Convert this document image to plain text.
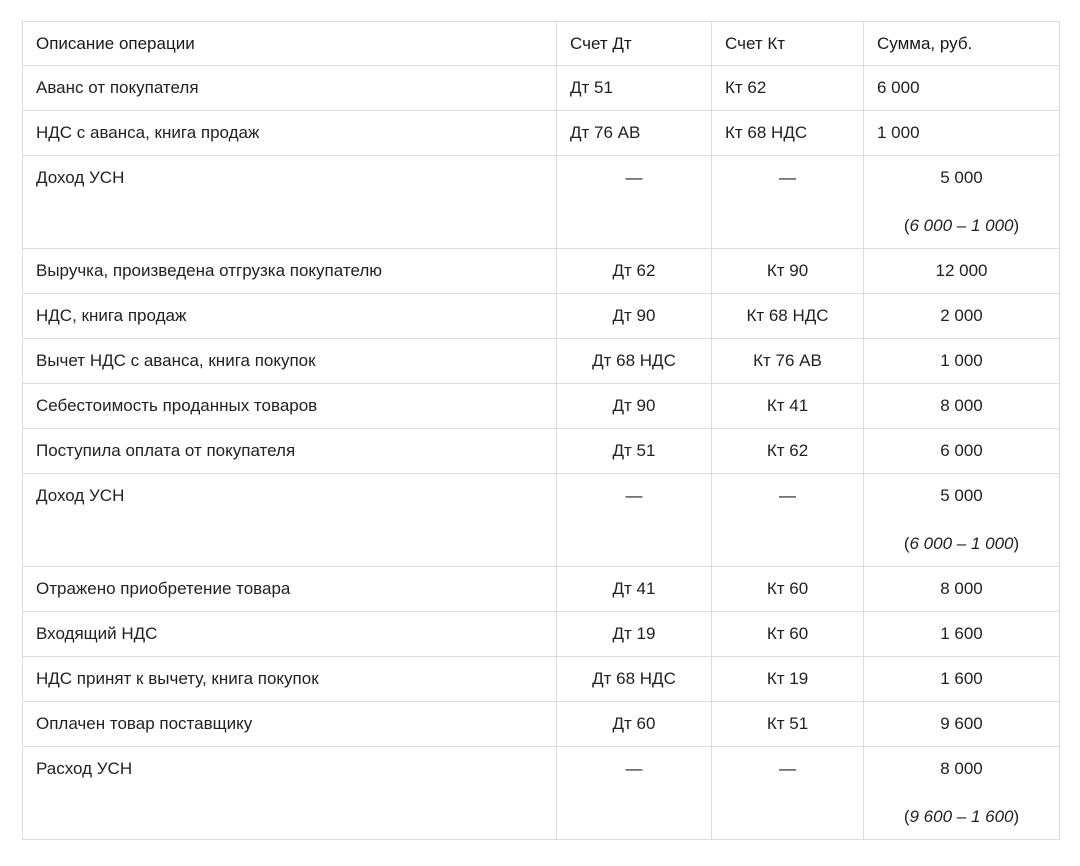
Описание операции	Счет Дт	Счет Кт	Сумма, руб.
Аванс от покупателя	Дт 51	Кт 62	6 000

НДС с аванса, книга продаж	Дт 76 АВ	Кт 68 НДС	1 000

Доход УСН	—	—	5 000
(6 000 – 1 000)

Выручка, произведена отгрузка покупателю	Дт 62	Кт 90	12 000

НДС, книга продаж	Дт 90	Кт 68 НДС	2 000

Вычет НДС с аванса, книга покупок	Дт 68 НДС	Кт 76 АВ	1 000

Себестоимость проданных товаров	Дт 90	Кт 41	8 000

Поступила оплата от покупателя	Дт 51	Кт 62	6 000

Доход УСН	—	—	5 000
(6 000 – 1 000)

Отражено приобретение товара	Дт 41	Кт 60	8 000

Входящий НДС	Дт 19	Кт 60	1 600

НДС принят к вычету, книга покупок	Дт 68 НДС	Кт 19	1 600

Оплачен товар поставщику	Дт 60	Кт 51	9 600

Расход УСН	—	—	8 000
(9 600 – 1 600)
